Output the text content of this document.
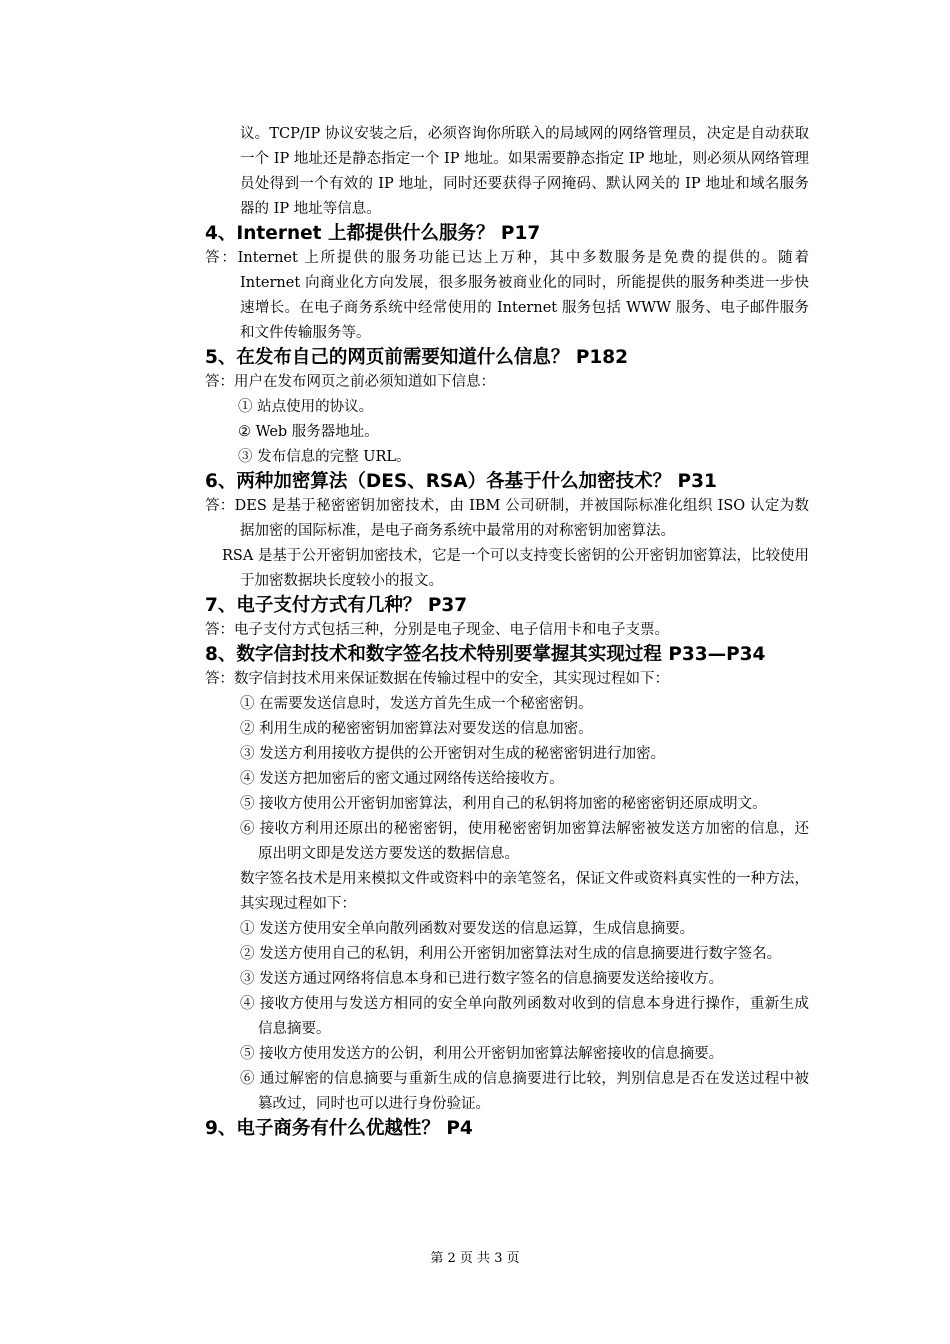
议。TCP/IP 协议安装之后，必须咨询你所联入的局域网的网络管理员，决定是自动获取一个 IP 地址还是静态指定一个 IP 地址。如果需要静态指定 IP 地址，则必须从网络管理员处得到一个有效的 IP 地址，同时还要获得子网掩码、默认网关的 IP 地址和域名服务器的 IP 地址等信息。

4、Internet 上都提供什么服务？ P17

答：Internet 上所提供的服务功能已达上万种，其中多数服务是免费的提供的。随着 Internet 向商业化方向发展，很多服务被商业化的同时，所能提供的服务种类进一步快速增长。在电子商务系统中经常使用的 Internet 服务包括 WWW 服务、电子邮件服务和文件传输服务等。

5、在发布自己的网页前需要知道什么信息？ P182

答：用户在发布网页之前必须知道如下信息：

① 站点使用的协议。

② Web 服务器地址。

③ 发布信息的完整 URL。

6、两种加密算法（DES、RSA）各基于什么加密技术？ P31

答：DES 是基于秘密密钥加密技术，由 IBM 公司研制，并被国际标准化组织 ISO 认定为数据加密的国际标准，是电子商务系统中最常用的对称密钥加密算法。

RSA 是基于公开密钥加密技术，它是一个可以支持变长密钥的公开密钥加密算法，比较使用于加密数据块长度较小的报文。

7、电子支付方式有几种？ P37

答：电子支付方式包括三种，分别是电子现金、电子信用卡和电子支票。

8、数字信封技术和数字签名技术特别要掌握其实现过程 P33—P34

答：数字信封技术用来保证数据在传输过程中的安全，其实现过程如下：

① 在需要发送信息时，发送方首先生成一个秘密密钥。

② 利用生成的秘密密钥加密算法对要发送的信息加密。

③ 发送方利用接收方提供的公开密钥对生成的秘密密钥进行加密。

④ 发送方把加密后的密文通过网络传送给接收方。

⑤ 接收方使用公开密钥加密算法，利用自己的私钥将加密的秘密密钥还原成明文。

⑥ 接收方利用还原出的秘密密钥，使用秘密密钥加密算法解密被发送方加密的信息，还原出明文即是发送方要发送的数据信息。

数字签名技术是用来模拟文件或资料中的亲笔签名，保证文件或资料真实性的一种方法，其实现过程如下：

① 发送方使用安全单向散列函数对要发送的信息运算，生成信息摘要。

② 发送方使用自己的私钥，利用公开密钥加密算法对生成的信息摘要进行数字签名。

③ 发送方通过网络将信息本身和已进行数字签名的信息摘要发送给接收方。

④ 接收方使用与发送方相同的安全单向散列函数对收到的信息本身进行操作，重新生成信息摘要。

⑤ 接收方使用发送方的公钥，利用公开密钥加密算法解密接收的信息摘要。

⑥ 通过解密的信息摘要与重新生成的信息摘要进行比较，判别信息是否在发送过程中被篡改过，同时也可以进行身份验证。

9、电子商务有什么优越性？ P4
第 2 页 共 3 页
